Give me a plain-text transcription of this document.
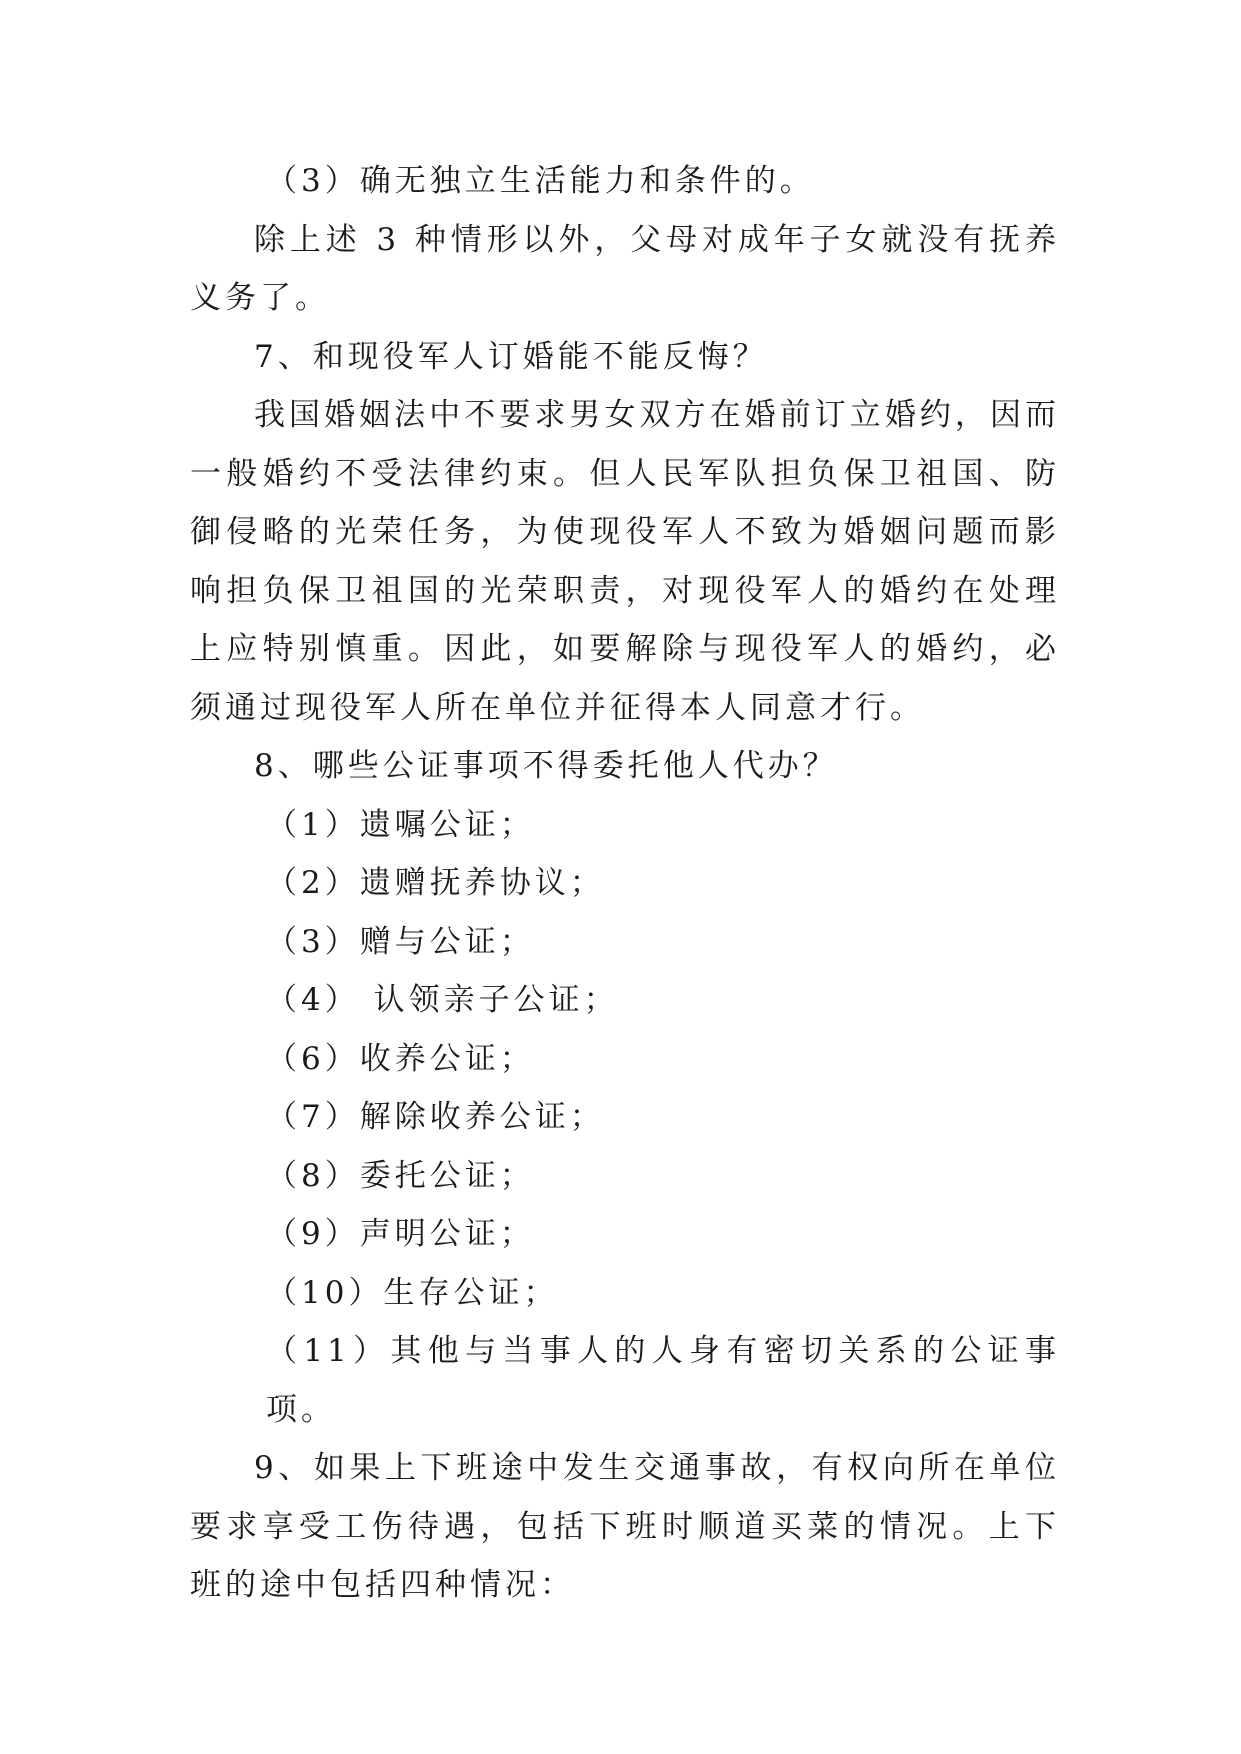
（3）确无独立生活能力和条件的。

除上述 3 种情形以外，父母对成年子女就没有抚养义务了。

7、和现役军人订婚能不能反悔？

我国婚姻法中不要求男女双方在婚前订立婚约，因而一般婚约不受法律约束。但人民军队担负保卫祖国、防御侵略的光荣任务，为使现役军人不致为婚姻问题而影响担负保卫祖国的光荣职责，对现役军人的婚约在处理上应特别慎重。因此，如要解除与现役军人的婚约，必须通过现役军人所在单位并征得本人同意才行。

8、哪些公证事项不得委托他人代办？

（1）遗嘱公证；

（2）遗赠抚养协议；

（3）赠与公证；

（4） 认领亲子公证；

（6）收养公证；

（7）解除收养公证；

（8）委托公证；

（9）声明公证；

（10）生存公证；

（11）其他与当事人的人身有密切关系的公证事项。

9、如果上下班途中发生交通事故，有权向所在单位要求享受工伤待遇，包括下班时顺道买菜的情况。上下班的途中包括四种情况：
